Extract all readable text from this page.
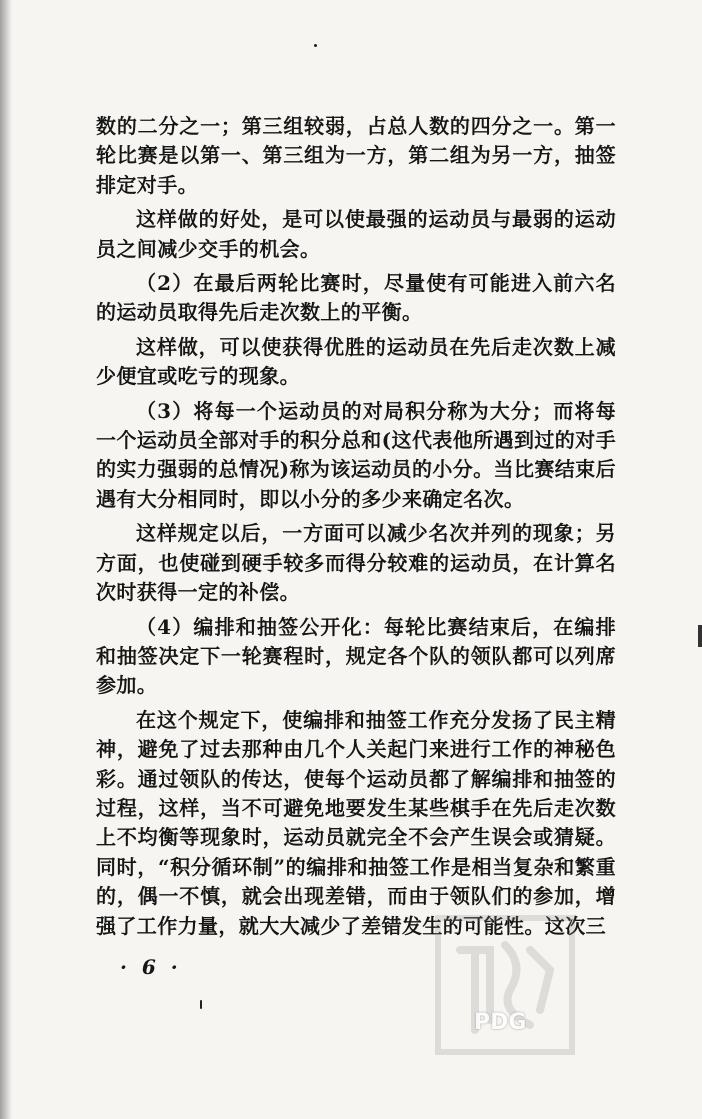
数的二分之一；第三组较弱，占总人数的四分之一。第一轮比赛是以第一、第三组为一方，第二组为另一方，抽签排定对手。

这样做的好处，是可以使最强的运动员与最弱的运动员之间减少交手的机会。

（2）在最后两轮比赛时，尽量使有可能进入前六名的运动员取得先后走次数上的平衡。

这样做，可以使获得优胜的运动员在先后走次数上减少便宜或吃亏的现象。

（3）将每一个运动员的对局积分称为大分；而将每一个运动员全部对手的积分总和(这代表他所遇到过的对手的实力强弱的总情况)称为该运动员的小分。当比赛结束后遇有大分相同时，即以小分的多少来确定名次。

这样规定以后，一方面可以减少名次并列的现象；另方面，也使碰到硬手较多而得分较难的运动员，在计算名次时获得一定的补偿。

（4）编排和抽签公开化：每轮比赛结束后，在编排和抽签决定下一轮赛程时，规定各个队的领队都可以列席参加。

在这个规定下，使编排和抽签工作充分发扬了民主精神，避免了过去那种由几个人关起门来进行工作的神秘色彩。通过领队的传达，使每个运动员都了解编排和抽签的过程，这样，当不可避免地要发生某些棋手在先后走次数上不均衡等现象时，运动员就完全不会产生误会或猜疑。同时，“积分循环制”的编排和抽签工作是相当复杂和繁重的，偶一不慎，就会出现差错，而由于领队们的参加，增强了工作力量，就大大减少了差错发生的可能性。这次三

· 6 ·
PDG
